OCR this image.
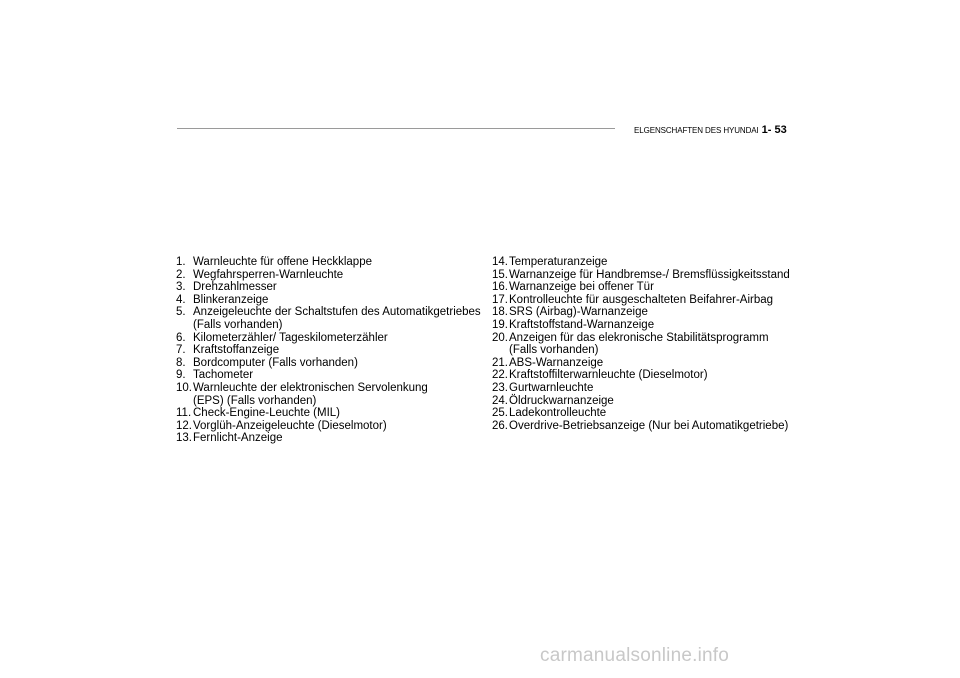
ELGENSCHAFTEN DES HYUNDAI 1- 53
1. Warnleuchte für offene Heckklappe
2. Wegfahrsperren-Warnleuchte
3. Drehzahlmesser
4. Blinkeranzeige
5. Anzeigeleuchte der Schaltstufen des Automatikgetriebes
(Falls vorhanden)
6. Kilometerzähler/ Tageskilometerzähler
7. Kraftstoffanzeige
8. Bordcomputer (Falls vorhanden)
9. Tachometer
10. Warnleuchte der elektronischen Servolenkung
(EPS) (Falls vorhanden)
11. Check-Engine-Leuchte (MIL)
12. Vorglüh-Anzeigeleuchte (Dieselmotor)
13. Fernlicht-Anzeige
14. Temperaturanzeige
15. Warnanzeige für Handbremse-/ Bremsflüssigkeitsstand
16. Warnanzeige bei offener Tür
17. Kontrolleuchte für ausgeschalteten Beifahrer-Airbag
18. SRS (Airbag)-Warnanzeige
19. Kraftstoffstand-Warnanzeige
20. Anzeigen für das elekronische Stabilitätsprogramm
(Falls vorhanden)
21. ABS-Warnanzeige
22. Kraftstoffilterwarnleuchte (Dieselmotor)
23. Gurtwarnleuchte
24. Öldruckwarnanzeige
25. Ladekontrolleuchte
26. Overdrive-Betriebsanzeige (Nur bei Automatikgetriebe)
carmanualsonline.info
